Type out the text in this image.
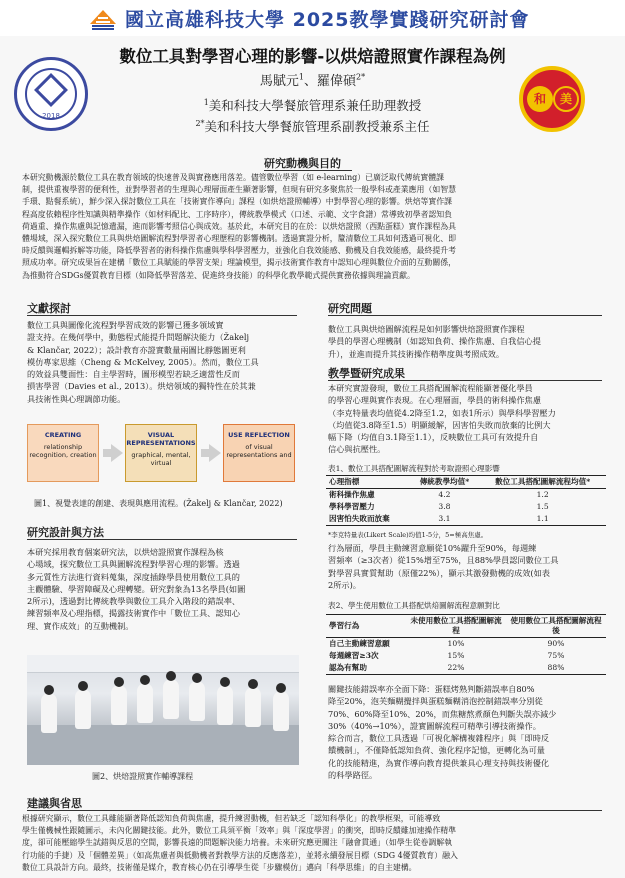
國立高雄科技大學 2025教學實踐研究研討會
2018
和	美
數位工具對學習心理的影響-以烘焙證照實作課程為例
馬賦元$^1$、羅偉碩$^{2*}$
$^1$美和科技大學餐旅管理系兼任助理教授
$^{2*}$美和科技大學餐旅管理系副教授兼系主任
研究動機與目的
本研究動機源於數位工具在教育領域的快速普及與實務應用落差。儘管數位學習（如 e-learning）已廣泛取代傳統實體課
制，提供重複學習的便利性，並對學習者的生理與心理層面產生顯著影響，但現有研究多聚焦於一般學科或產業應用（如智慧
手環、點餐系統），鮮少深入探討數位工具在「技術實作導向」課程（如烘焙證照輔導）中對學習心理的影響。烘焙等實作課
程高度依賴程序性知識與精準操作（如材料配比、工序時序），傳統教學模式（口述、示範、文字食譜）常導致初學者認知負
荷過重、操作焦慮與記憶遺漏，進而影響考照信心與成效。基於此，本研究目的在於：以烘焙證照（西點蛋糕）實作課程為具
體場域，深入探究數位工具與烘焙圖解流程對學習者心理歷程的影響機制。透過實證分析，釐清數位工具如何透過可視化、即
時反饋與邏輯拆解等功能，降低學習者的術科操作焦慮與學科學習壓力，並強化自我效能感、動機及自我效能感，最終提升考
照成功率。研究成果旨在建構「數位工具賦能的學習支架」理論模型，揭示技術實作教育中認知心理與數位介面的互動關係，
為推動符合SDGs優質教育目標（如降低學習落差、促進終身技能）的科學化教學範式提供實務依據與理論貢獻。
文獻探討
數位工具與圖像化流程對學習成效的影響已獲多領域實
證支持。在幾何學中，動態程式能提升問題解決能力（Žakelj
& Klančar, 2022）；設計教育亦證實數量兩圖比靜態圖更利
模仿專家思維（Cheng & McKelvey, 2005）。然而，數位工具
的效益具雙面性：自主學習時，圖形模型若缺乏適當性反而
損害學習（Davies et al., 2013）。烘焙領域的獨特性在於其兼
具技術性與心理調節功能。
CREATING
relationship recognition, creation
VISUAL REPRESENTATIONS
graphical, mental, virtual
USE REFLECTION
of visual representations and
圖1、視覺表達的創建、表現與應用流程。(Žakelj & Klančar, 2022)
研究設計與方法
本研究採用教育個案研究法，以烘焙證照實作課程為核
心場域，探究數位工具與圖解流程對學習心理的影響。透過
多元質性方法進行資料蒐集，深度插錄學員使用數位工具的
主觀體驗、學習障礙及心理轉變。研究對象為13名學員(如圖
2所示)，透過對比傳統教學與數位工具介入階段的錯誤率、
練習頻率及心理指標，揭露技術實作中「數位工具、認知心
理、實作成效」的互動機制。
圖2、烘焙證照實作輔導課程
研究問題
數位工具與烘焙圖解流程是如何影響烘焙證照實作課程
學員的學習心理機制（如認知負荷、操作焦慮、自我信心提
升），並進而提升其技術操作精準度與考照成效。
教學暨研究成果
本研究實證發現，數位工具搭配圖解流程能顯著優化學員
的學習心理與實作表現。在心理層面，學員的術科操作焦慮
（李克特量表均值從4.2降至1.2，如表1所示）與學科學習壓力
（均值從3.8降至1.5）明顯緩解，因害怕失敗而放棄的比例大
幅下降（均值自3.1降至1.1），反映數位工具可有效提升自
信心與抗壓性。
表1、數位工具搭配圖解流程對於考取證照心理影響
心理指標	傳統教學均值*	數位工具搭配圖解流程均值*
術科操作焦慮	4.2	1.2
學科學習壓力	3.8	1.5
因害怕失敗而放棄	3.1	1.1
*李克特量表(Likert Scale)均值1-5分，5=極高焦慮。
行為層面，學員主動練習意願從10%躍升至90%，每週練
習頻率（≥3次者）從15%增至75%，且88%學員認同數位工具
對學習具實質幫助（原僅22%），顯示其激發動機的成效(如表
2所示)。
表2、學生使用數位工具搭配烘焙圖解流程意願對比
學習行為	未使用數位工具搭配圖解流程	使用數位工具搭配圖解流程後
自己主動練習意願	10%	90%
每週練習≥3次	15%	75%
認為有幫助	22%	88%
關鍵技能錯誤率亦全面下降：蛋糕烤熟判斷錯誤率自80%
降至20%，泡芙麵糊攪拌與蛋糕麵糊消泡控制錯誤率分別從
70%、60%降至10%、20%，而焦糖熬煮顏色判斷失誤亦減少
30%（40%→10%），證實圖解流程可精準引導技術操作。
綜合而言，數位工具透過「可視化解構複雜程序」與「即時反
饋機制」，不僅降低認知負荷、強化程序記憶，更轉化為可量
化的技能精進，為實作導向教育提供兼具心理支持與技術優化
的科學路徑。
建議與省思
根據研究顯示，數位工具雖能顯著降低認知負荷與焦慮，提升練習動機，但若缺乏「認知科學化」的教學框架，可能導致
學生僅機械性跟隨圖示，未內化關鍵技能。此外，數位工具須平衡「效率」與「深度學習」的衝突，即時反饋雖加速操作精準
度，卻可能壓縮學生試錯與反思的空間，影響長遠的問題解決能力培養。未來研究應更關注「融會貫通」（如學生從卷調解執
行功能的手捷）及「個體差異」（如高焦慮者與低動機者對教學方法的反應落差），並將永續發展目標（SDG 4優質教育）融入
數位工具設計方向。最終，技術僅是媒介，教育核心仍在引導學生從「步驟模仿」邁向「科學思維」的自主建構。
